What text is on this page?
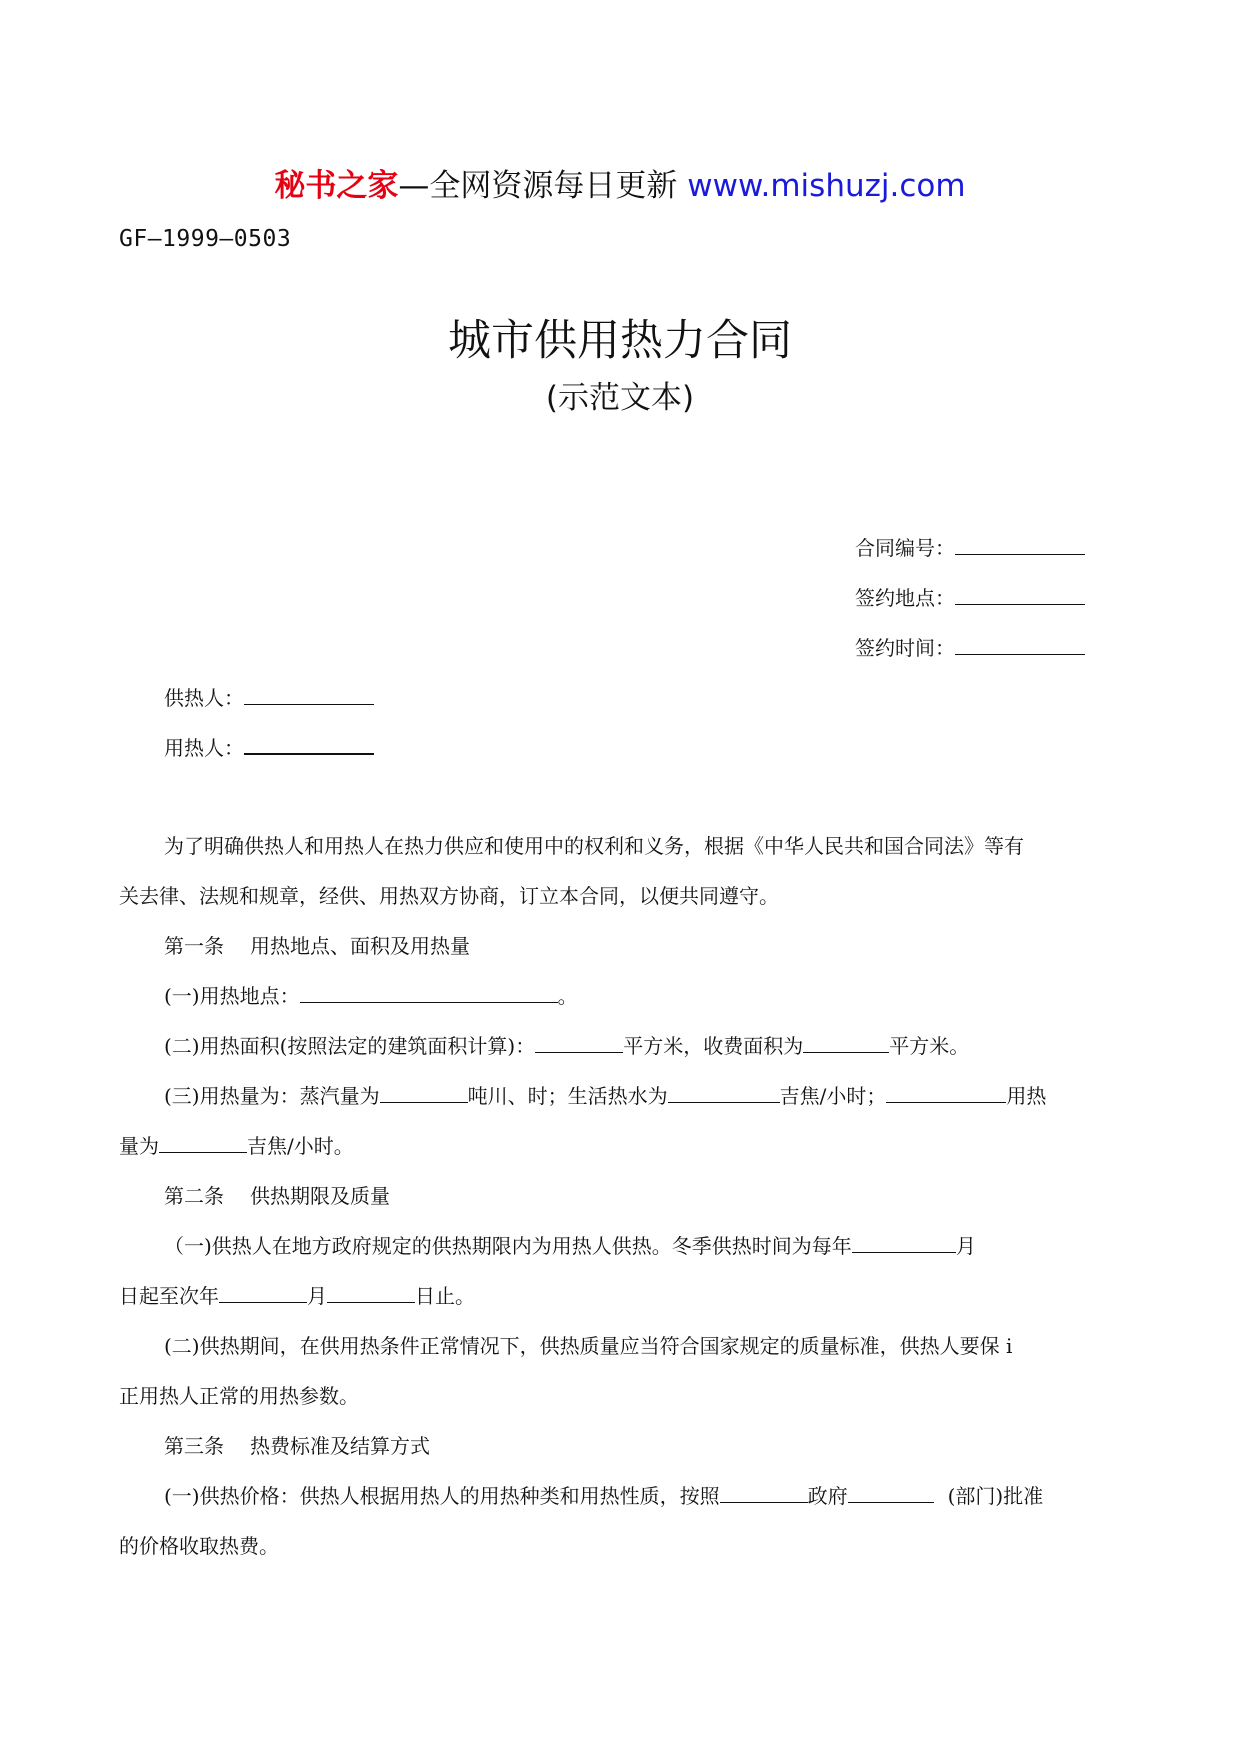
秘书之家—全网资源每日更新 www.mishuzj.com
GF—1999—0503
城市供用热力合同
(示范文本)
合同编号：
签约地点：
签约时间：
供热人：
用热人：
为了明确供热人和用热人在热力供应和使用中的权利和义务，根据《中华人民共和国合同法》等有
关去律、法规和规章，经供、用热双方协商，订立本合同，以便共同遵守。
第一条 用热地点、面积及用热量
(一)用热地点：	。
(二)用热面积(按照法定的建筑面积计算)：	平方米，收费面积为	平方米。
(三)用热量为：蒸汽量为	吨川、时；生活热水为	吉焦/小时；	用热
量为	吉焦/小时。
第二条 供热期限及质量
（一)供热人在地方政府规定的供热期限内为用热人供热。冬季供热时间为每年	月
日起至次年	月	日止。
(二)供热期间，在供用热条件正常情况下，供热质量应当符合国家规定的质量标准，供热人要保 i
正用热人正常的用热参数。
第三条 热费标准及结算方式
(一)供热价格：供热人根据用热人的用热种类和用热性质，按照	政府	(部门)批准
的价格收取热费。
